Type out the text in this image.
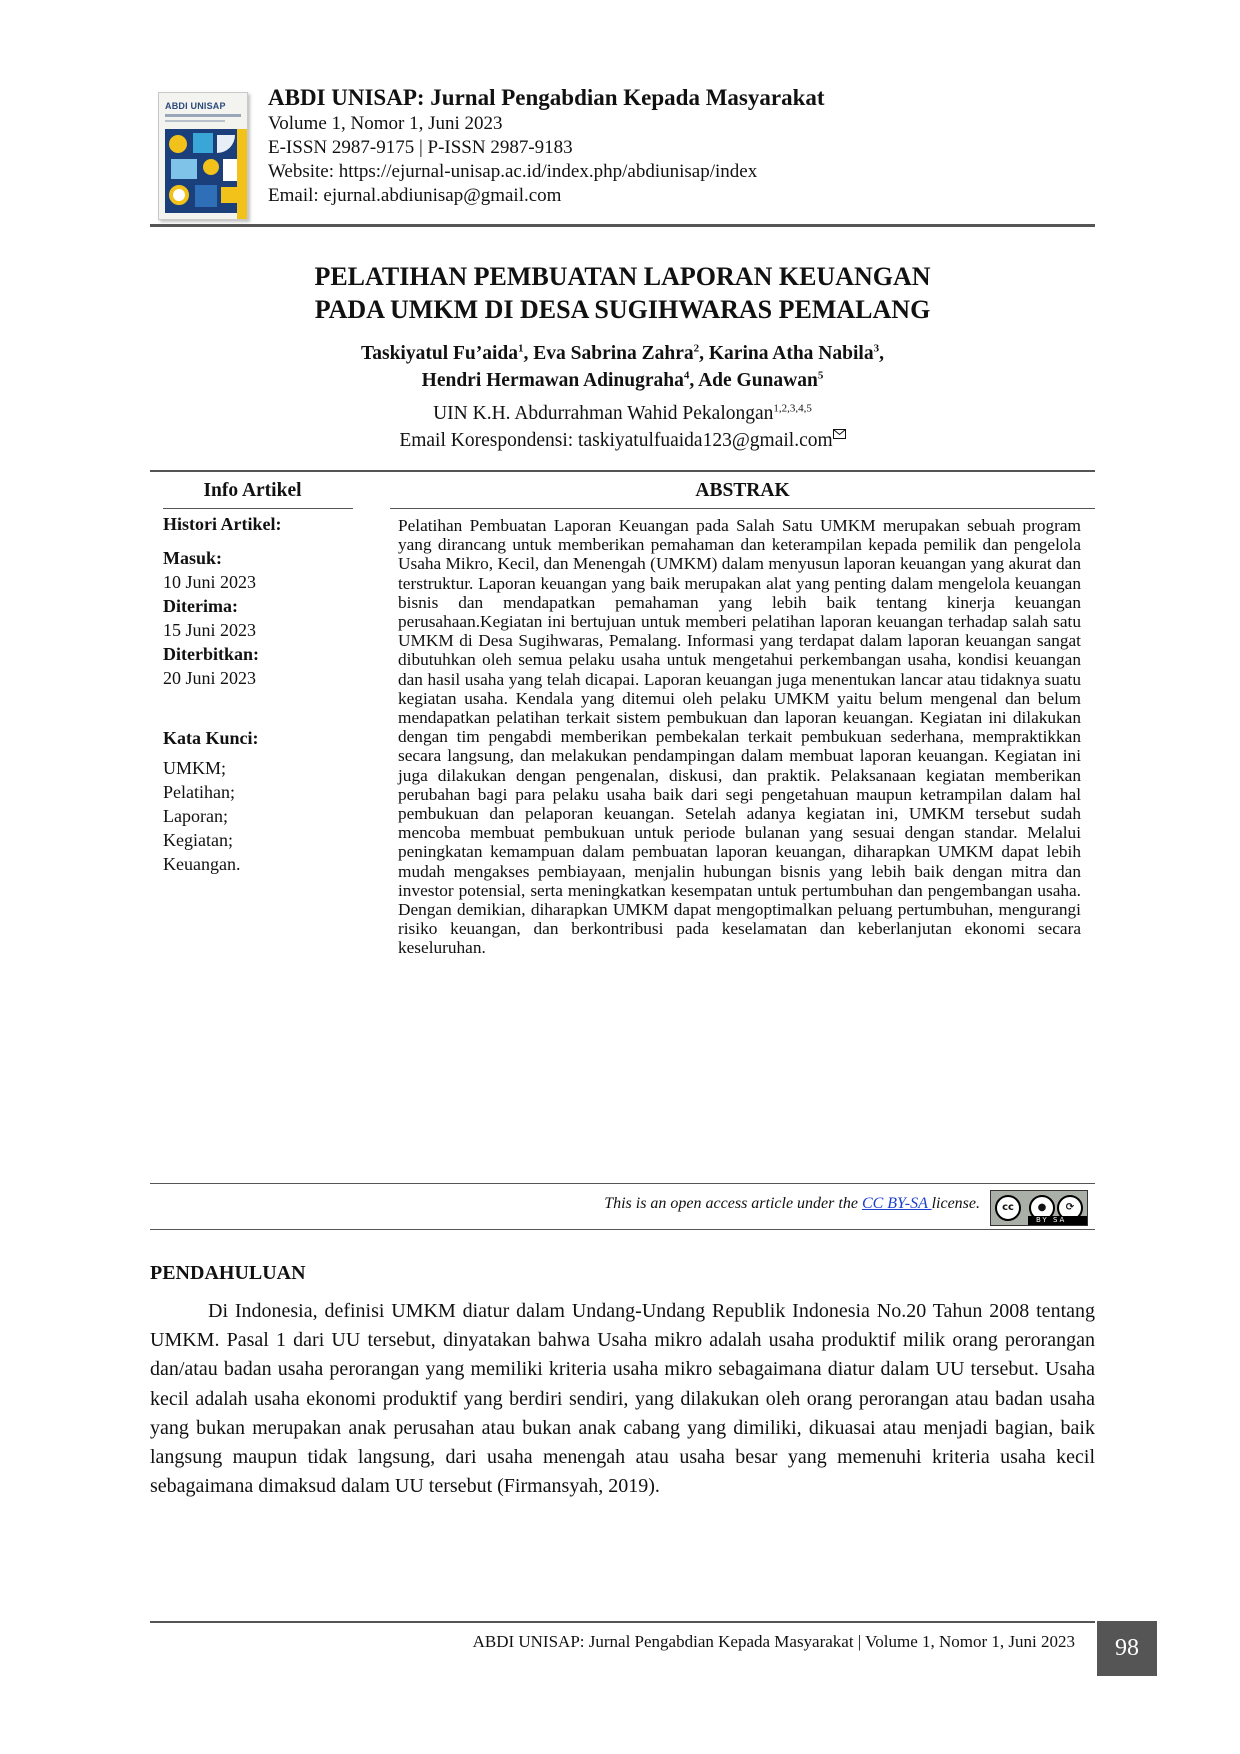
ABDI UNISAP ABDI UNISAP: Jurnal Pengabdian Kepada Masyarakat
Volume 1, Nomor 1, Juni 2023
E-ISSN 2987-9175 | P-ISSN 2987-9183
Website: https://ejurnal-unisap.ac.id/index.php/abdiunisap/index
Email: ejurnal.abdiunisap@gmail.com
PELATIHAN PEMBUATAN LAPORAN KEUANGAN
PADA UMKM DI DESA SUGIHWARAS PEMALANG
Taskiyatul Fu’aida$^1$, Eva Sabrina Zahra$^2$, Karina Atha Nabila$^3$,
Hendri Hermawan Adinugraha$^4$, Ade Gunawan$^5$
UIN K.H. Abdurrahman Wahid Pekalongan$^{1,2,3,4,5}$
Email Korespondensi: taskiyatulfuaida123@gmail.com
Info Artikel	ABSTRAK
Histori Artikel:
Masuk:
10 Juni 2023
Diterima:
15 Juni 2023
Diterbitkan:
20 Juni 2023
Kata Kunci:
UMKM;
Pelatihan;
Laporan;
Kegiatan;
Keuangan.
Pelatihan Pembuatan Laporan Keuangan pada Salah Satu UMKM merupakan sebuah program yang dirancang untuk memberikan pemahaman dan keterampilan kepada pemilik dan pengelola Usaha Mikro, Kecil, dan Menengah (UMKM) dalam menyusun laporan keuangan yang akurat dan terstruktur. Laporan keuangan yang baik merupakan alat yang penting dalam mengelola keuangan bisnis dan mendapatkan pemahaman yang lebih baik tentang kinerja keuangan perusahaan.Kegiatan ini bertujuan untuk memberi pelatihan laporan keuangan terhadap salah satu UMKM di Desa Sugihwaras, Pemalang. Informasi yang terdapat dalam laporan keuangan sangat dibutuhkan oleh semua pelaku usaha untuk mengetahui perkembangan usaha, kondisi keuangan dan hasil usaha yang telah dicapai. Laporan keuangan juga menentukan lancar atau tidaknya suatu kegiatan usaha. Kendala yang ditemui oleh pelaku UMKM yaitu belum mengenal dan belum mendapatkan pelatihan terkait sistem pembukuan dan laporan keuangan. Kegiatan ini dilakukan dengan tim pengabdi memberikan pembekalan terkait pembukuan sederhana, mempraktikkan secara langsung, dan melakukan pendampingan dalam membuat laporan keuangan. Kegiatan ini juga dilakukan dengan pengenalan, diskusi, dan praktik. Pelaksanaan kegiatan memberikan perubahan bagi para pelaku usaha baik dari segi pengetahuan maupun ketrampilan dalam hal pembukuan dan pelaporan keuangan. Setelah adanya kegiatan ini, UMKM tersebut sudah mencoba membuat pembukuan untuk periode bulanan yang sesuai dengan standar. Melalui peningkatan kemampuan dalam pembuatan laporan keuangan, diharapkan UMKM dapat lebih mudah mengakses pembiayaan, menjalin hubungan bisnis yang lebih baik dengan mitra dan investor potensial, serta meningkatkan kesempatan untuk pertumbuhan dan pengembangan usaha. Dengan demikian, diharapkan UMKM dapat mengoptimalkan peluang pertumbuhan, mengurangi risiko keuangan, dan berkontribusi pada keselamatan dan keberlanjutan ekonomi secara keseluruhan.
This is an open access article under the CC BY-SA license.	cc	●	⟳
BY SA
PENDAHULUAN
Di Indonesia, definisi UMKM diatur dalam Undang-Undang Republik Indonesia No.20 Tahun 2008 tentang UMKM. Pasal 1 dari UU tersebut, dinyatakan bahwa Usaha mikro adalah usaha produktif milik orang perorangan dan/atau badan usaha perorangan yang memiliki kriteria usaha mikro sebagaimana diatur dalam UU tersebut. Usaha kecil adalah usaha ekonomi produktif yang berdiri sendiri, yang dilakukan oleh orang perorangan atau badan usaha yang bukan merupakan anak perusahan atau bukan anak cabang yang dimiliki, dikuasai atau menjadi bagian, baik langsung maupun tidak langsung, dari usaha menengah atau usaha besar yang memenuhi kriteria usaha kecil sebagaimana dimaksud dalam UU tersebut (Firmansyah, 2019).
ABDI UNISAP: Jurnal Pengabdian Kepada Masyarakat | Volume 1, Nomor 1, Juni 2023	98
